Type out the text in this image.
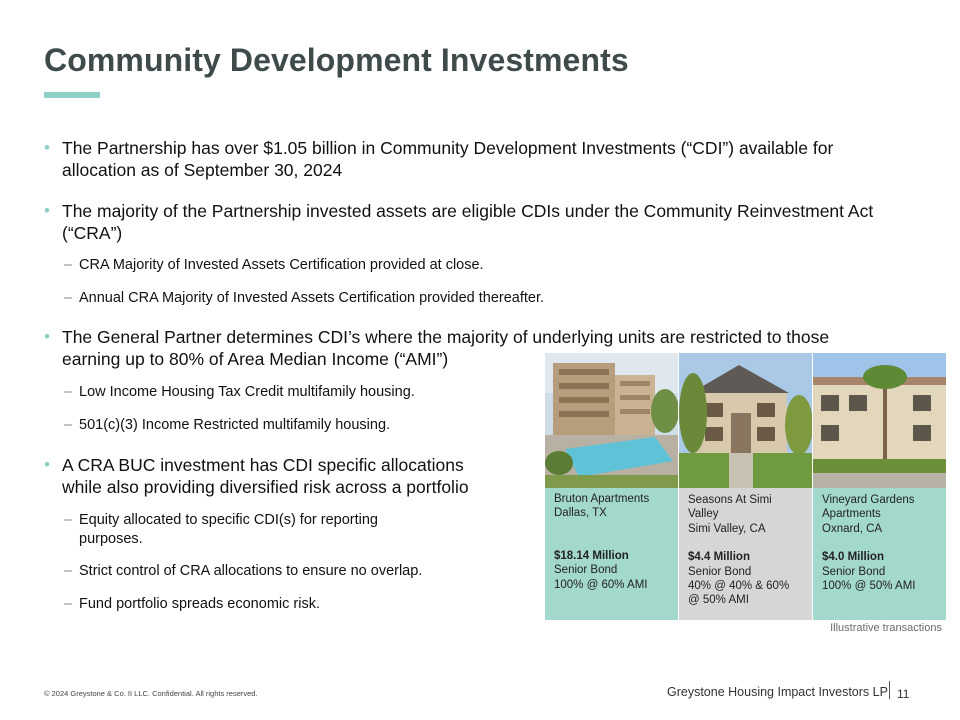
Community Development Investments
• The Partnership has over $1.05 billion in Community Development Investments (“CDI”) available for allocation as of September 30, 2024
• The majority of the Partnership invested assets are eligible CDIs under the Community Reinvestment Act (“CRA”)
– CRA Majority of Invested Assets Certification provided at close.
– Annual CRA Majority of Invested Assets Certification provided thereafter.
• The General Partner determines CDI’s where the majority of underlying units are restricted to those earning up to 80% of Area Median Income (“AMI”)
– Low Income Housing Tax Credit multifamily housing.
– 501(c)(3) Income Restricted multifamily housing.
• A CRA BUC investment has CDI specific allocations
while also providing diversified risk across a portfolio
– Equity allocated to specific CDI(s) for reporting purposes.
– Strict control of CRA allocations to ensure no overlap.
– Fund portfolio spreads economic risk.
Bruton Apartments
Dallas, TX
$18.14 Million
Senior Bond
100% @ 60% AMI
Seasons At Simi
Valley
Simi Valley, CA
$4.4 Million
Senior Bond
40% @ 40% & 60%
@ 50% AMI
Vineyard Gardens
Apartments
Oxnard, CA
$4.0 Million
Senior Bond
100% @ 50% AMI
Illustrative transactions
© 2024 Greystone & Co. II LLC. Confidential. All rights reserved.	Greystone Housing Impact Investors LP 11
